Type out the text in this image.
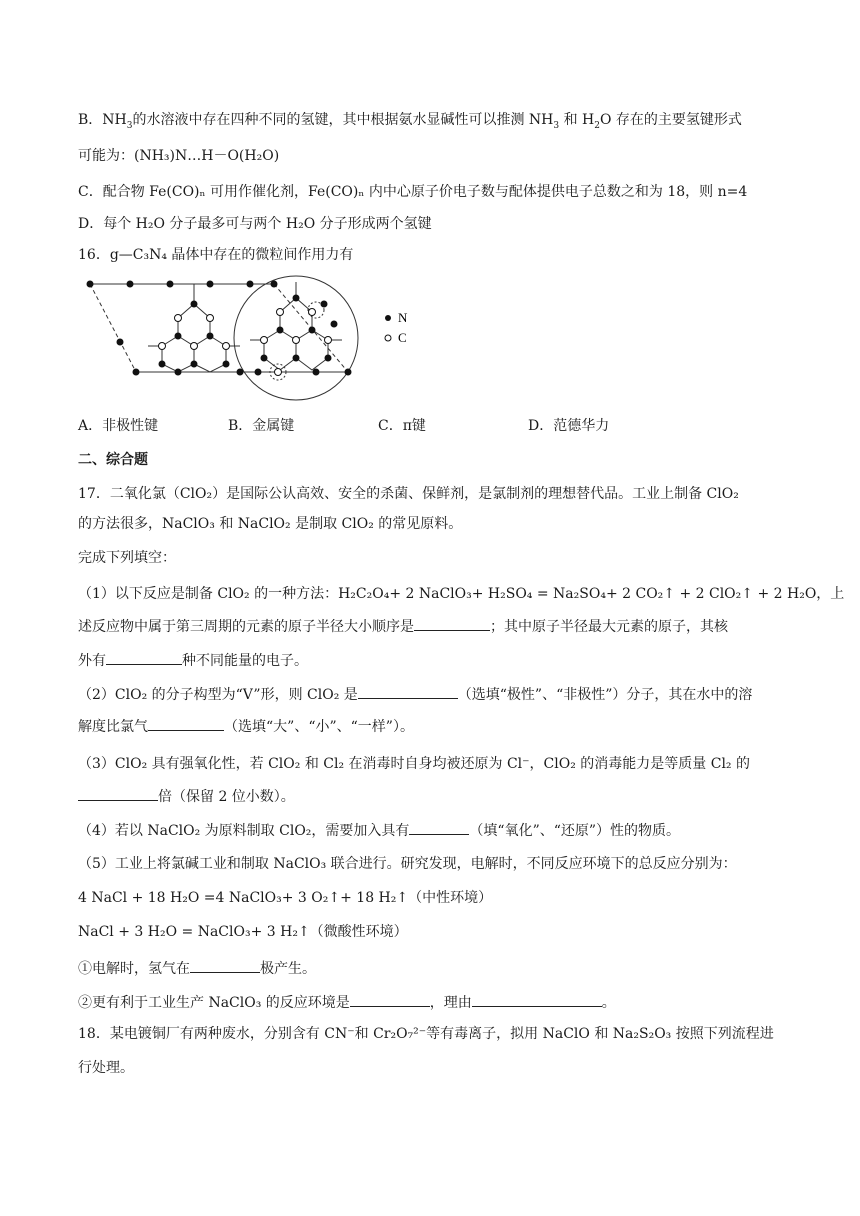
B．$NH_3$的水溶液中存在四种不同的氢键，其中根据氨水显碱性可以推测 $NH_3$ 和 $H_2O$ 存在的主要氢键形式
可能为：(NH₃)N…H－O(H₂O)
C．配合物 Fe(CO)ₙ 可用作催化剂，Fe(CO)ₙ 内中心原子价电子数与配体提供电子总数之和为 18，则 n=4
D．每个 H₂O 分子最多可与两个 H₂O 分子形成两个氢键
16．g—C₃N₄ 晶体中存在的微粒间作用力有
N
C
A．非极性键	B．金属键	C．π键	D．范德华力
二、综合题
17．二氧化氯（ClO₂）是国际公认高效、安全的杀菌、保鲜剂，是氯制剂的理想替代品。工业上制备 ClO₂
的方法很多，NaClO₃ 和 NaClO₂ 是制取 ClO₂ 的常见原料。
完成下列填空：
（1）以下反应是制备 ClO₂ 的一种方法：H₂C₂O₄+ 2 NaClO₃+ H₂SO₄ = Na₂SO₄+ 2 CO₂↑ + 2 ClO₂↑ + 2 H₂O，上
述反应物中属于第三周期的元素的原子半径大小顺序是	；其中原子半径最大元素的原子，其核
外有	种不同能量的电子。
（2）ClO₂ 的分子构型为“V”形，则 ClO₂ 是	（选填“极性”、“非极性”）分子，其在水中的溶
解度比氯气	（选填“大”、“小”、“一样”）。
（3）ClO₂ 具有强氧化性，若 ClO₂ 和 Cl₂ 在消毒时自身均被还原为 Cl⁻，ClO₂ 的消毒能力是等质量 Cl₂ 的
倍（保留 2 位小数）。
（4）若以 NaClO₂ 为原料制取 ClO₂，需要加入具有	（填“氧化”、“还原”）性的物质。
（5）工业上将氯碱工业和制取 NaClO₃ 联合进行。研究发现，电解时，不同反应环境下的总反应分别为：
4 NaCl + 18 H₂O =4 NaClO₃+ 3 O₂↑+ 18 H₂↑（中性环境）
NaCl + 3 H₂O = NaClO₃+ 3 H₂↑（微酸性环境）
①电解时，氢气在	极产生。
②更有利于工业生产 NaClO₃ 的反应环境是	，理由	。
18．某电镀铜厂有两种废水，分别含有 CN⁻和 Cr₂O₇²⁻等有毒离子，拟用 NaClO 和 Na₂S₂O₃ 按照下列流程进
行处理。
